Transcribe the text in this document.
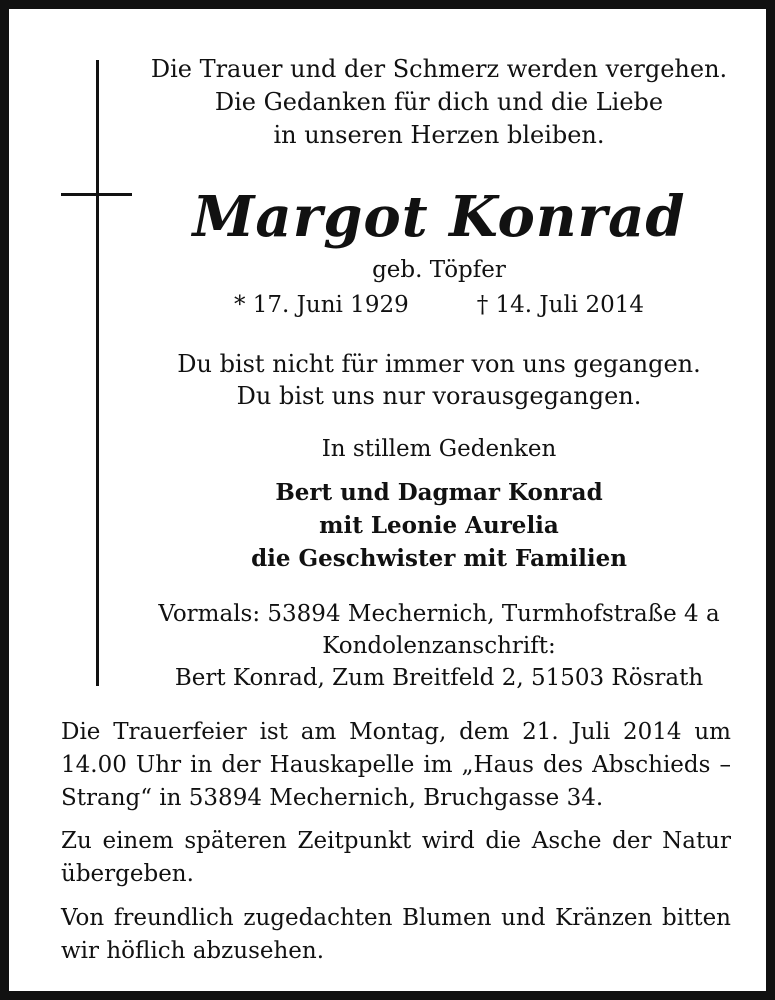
Die Trauer und der Schmerz werden vergehen.
Die Gedanken für dich und die Liebe
in unseren Herzen bleiben.
Margot Konrad
geb. Töpfer
* 17. Juni 1929	† 14. Juli 2014
Du bist nicht für immer von uns gegangen.
Du bist uns nur vorausgegangen.
In stillem Gedenken
Bert und Dagmar Konrad
mit Leonie Aurelia
die Geschwister mit Familien
Vormals: 53894 Mechernich, Turmhofstraße 4 a
Kondolenzanschrift:
Bert Konrad, Zum Breitfeld 2, 51503 Rösrath
Die Trauerfeier ist am Montag, dem 21. Juli 2014 um 14.00 Uhr in der Hauskapelle im „Haus des Abschieds – Strang“ in 53894 Mechernich, Bruchgasse 34.
Zu einem späteren Zeitpunkt wird die Asche der Natur übergeben.
Von freundlich zugedachten Blumen und Kränzen bitten wir höflich abzusehen.
